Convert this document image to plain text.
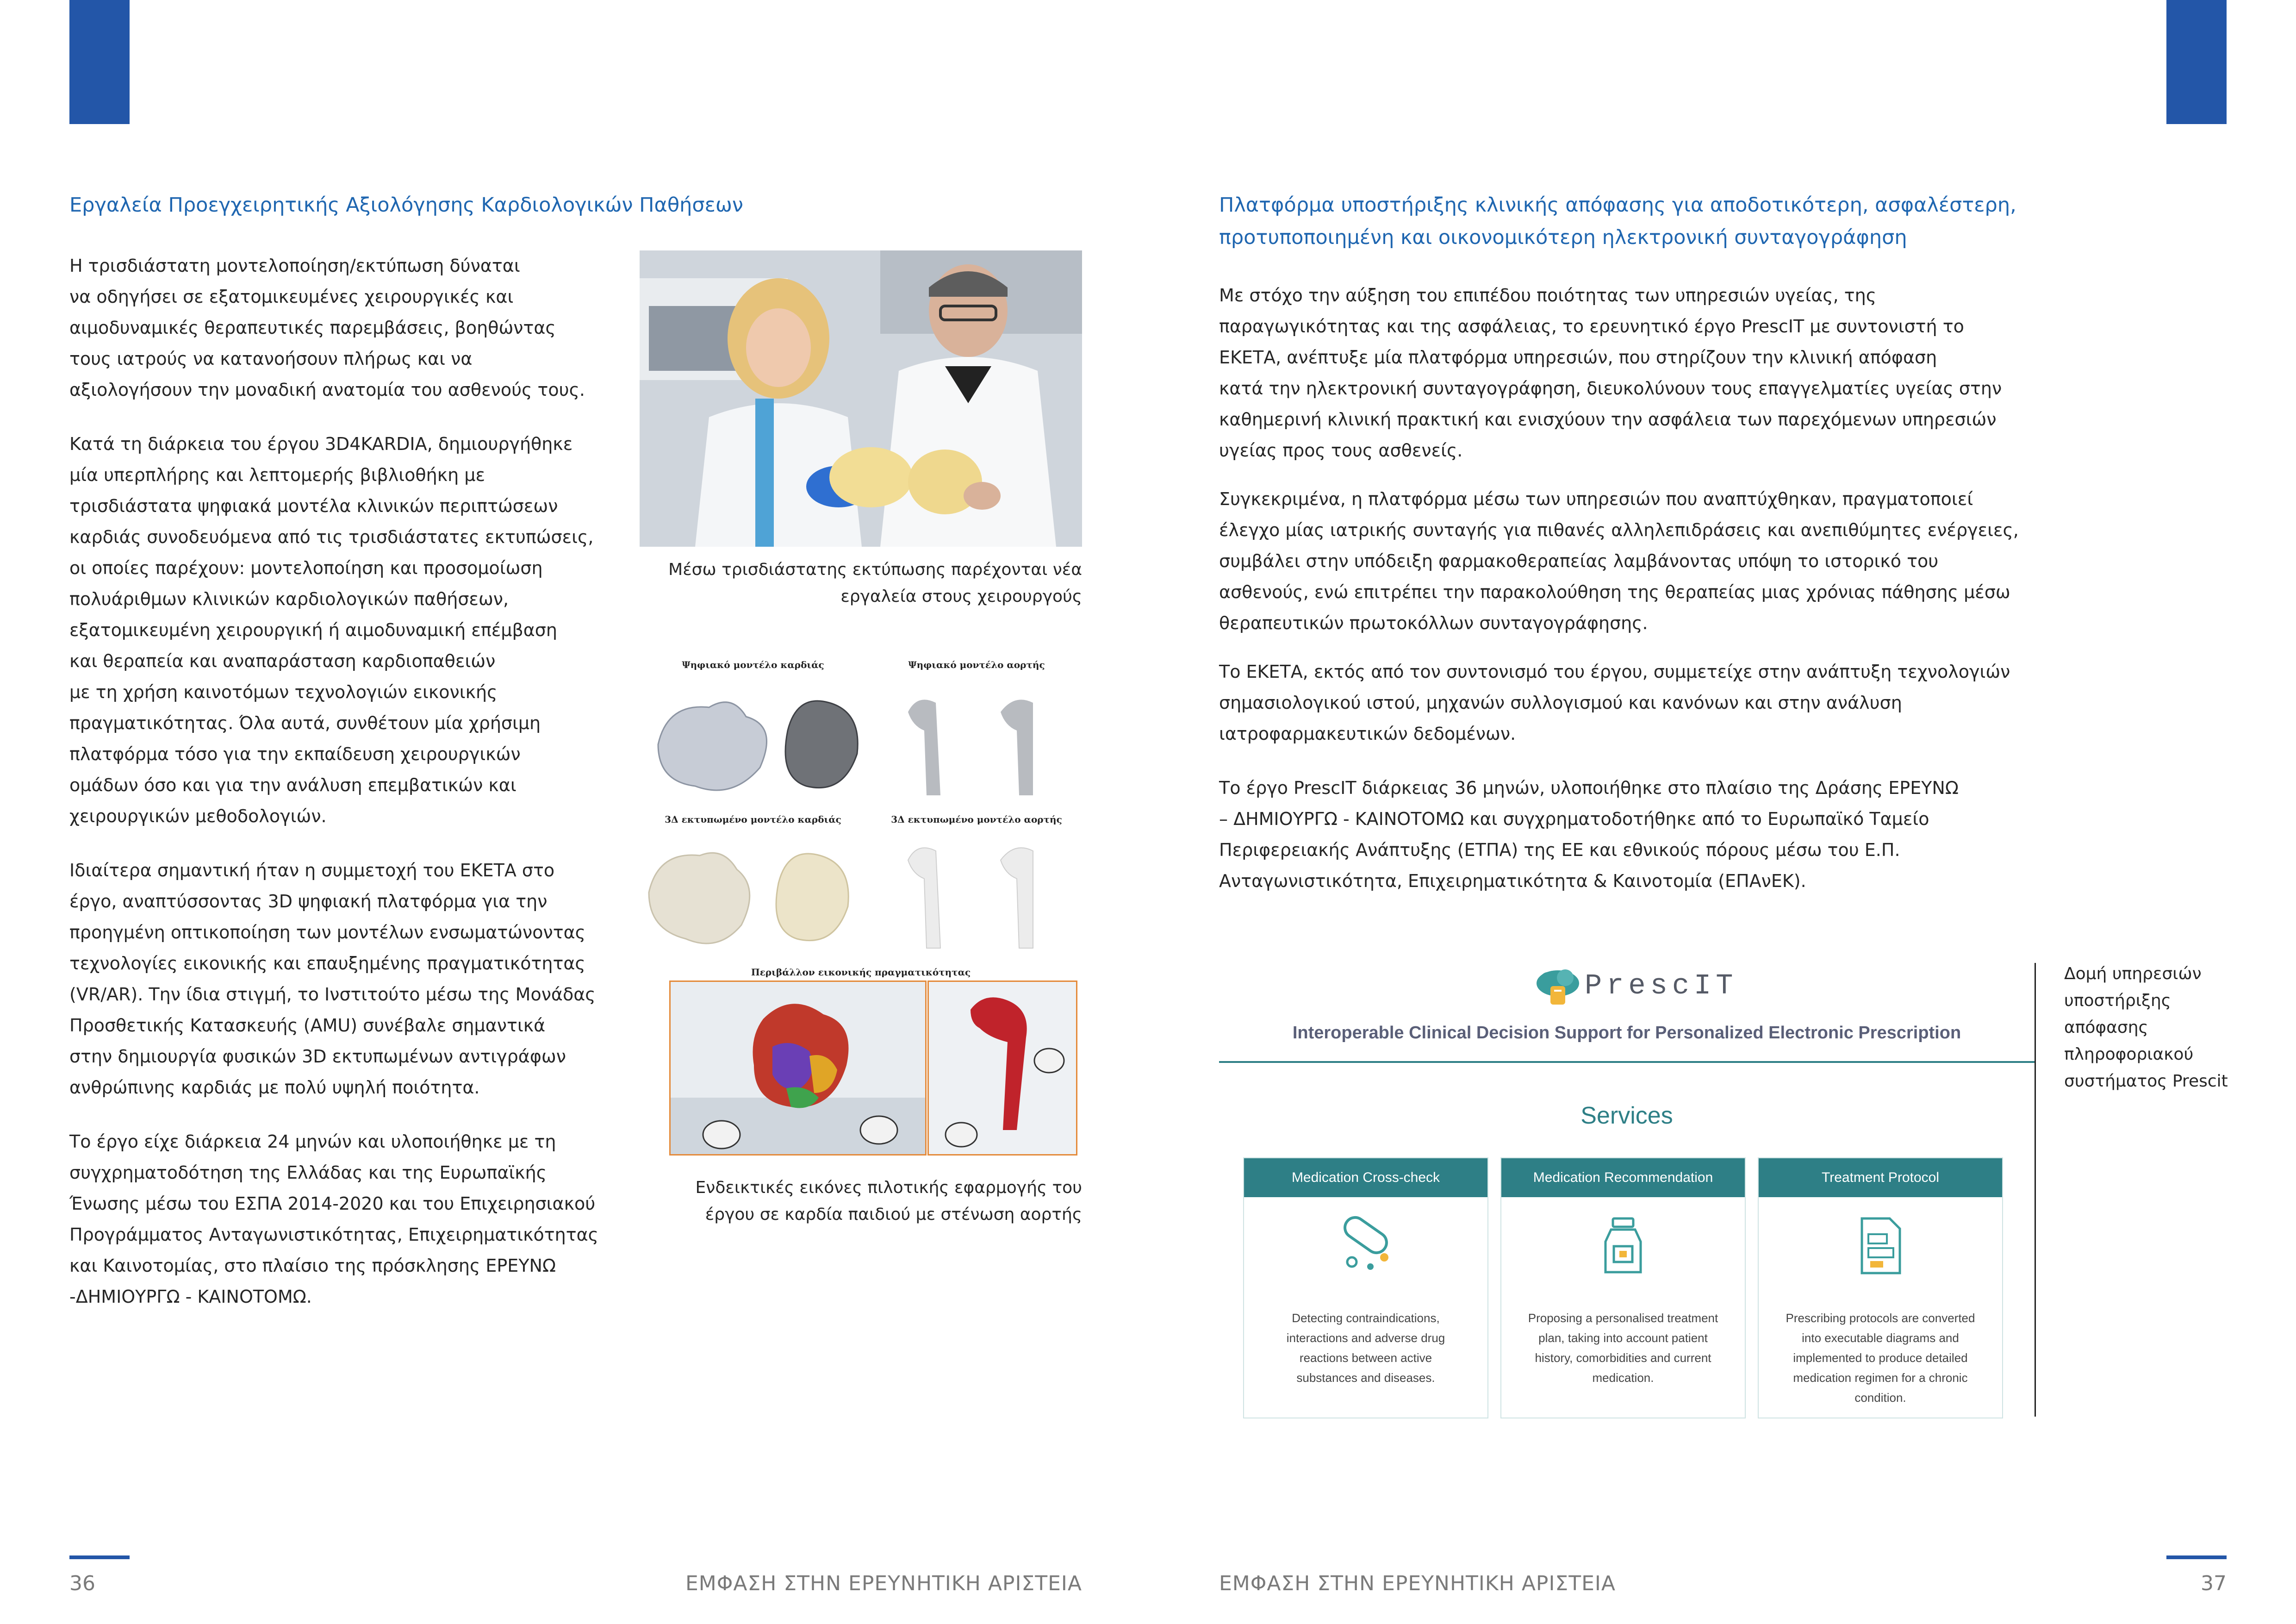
Εργαλεία Προεγχειρητικής Αξιολόγησης Καρδιολογικών Παθήσεων

Η τρισδιάστατη μοντελοποίηση/εκτύπωση δύναται

να οδηγήσει σε εξατομικευμένες χειρουργικές και

αιμοδυναμικές θεραπευτικές παρεμβάσεις, βοηθώντας

τους ιατρούς να κατανοήσουν πλήρως και να

αξιολογήσουν την μοναδική ανατομία του ασθενούς τους.

Κατά τη διάρκεια του έργου 3D4KARDIA, δημιουργήθηκε

μία υπερπλήρης και λεπτομερής βιβλιοθήκη με

τρισδιάστατα ψηφιακά μοντέλα κλινικών περιπτώσεων

καρδιάς συνοδευόμενα από τις τρισδιάστατες εκτυπώσεις,

οι οποίες παρέχουν: μοντελοποίηση και προσομοίωση

πολυάριθμων κλινικών καρδιολογικών παθήσεων,

εξατομικευμένη χειρουργική ή αιμοδυναμική επέμβαση

και θεραπεία και αναπαράσταση καρδιοπαθειών

με τη χρήση καινοτόμων τεχνολογιών εικονικής

πραγματικότητας. Όλα αυτά, συνθέτουν μία χρήσιμη

πλατφόρμα τόσο για την εκπαίδευση χειρουργικών

ομάδων όσο και για την ανάλυση επεμβατικών και

χειρουργικών μεθοδολογιών.

Ιδιαίτερα σημαντική ήταν η συμμετοχή του ΕΚΕΤΑ στο

έργο, αναπτύσσοντας 3D ψηφιακή πλατφόρμα για την

προηγμένη οπτικοποίηση των μοντέλων ενσωματώνοντας

τεχνολογίες εικονικής και επαυξημένης πραγματικότητας

(VR/AR). Την ίδια στιγμή, το Ινστιτούτο μέσω της Μονάδας

Προσθετικής Κατασκευής (AMU) συνέβαλε σημαντικά

στην δημιουργία φυσικών 3D εκτυπωμένων αντιγράφων

ανθρώπινης καρδιάς με πολύ υψηλή ποιότητα.

Το έργο είχε διάρκεια 24 μηνών και υλοποιήθηκε με τη

συγχρηματοδότηση της Ελλάδας και της Ευρωπαϊκής

Ένωσης μέσω του ΕΣΠΑ 2014-2020 και του Επιχειρησιακού

Προγράμματος Ανταγωνιστικότητας, Επιχειρηματικότητας

και Καινοτομίας, στο πλαίσιο της πρόσκλησης ΕΡΕΥΝΩ

-ΔΗΜΙΟΥΡΓΩ - ΚΑΙΝΟΤΟΜΩ.

Μέσω τρισδιάστατης εκτύπωσης παρέχονται νέα
εργαλεία στους χειρουργούς
Ψηφιακό μοντέλο καρδιάς	Ψηφιακό μοντέλο αορτής
3Δ εκτυπωμένο μοντέλο καρδιάς	3Δ εκτυπωμένο μοντέλο αορτής
Περιβάλλον εικονικής πραγματικότητας
Ενδεικτικές εικόνες πιλοτικής εφαρμογής του
έργου σε καρδία παιδιού με στένωση αορτής
36	ΕΜΦΑΣΗ ΣΤΗΝ ΕΡΕΥΝΗΤΙΚΗ ΑΡΙΣΤΕΙΑ
Πλατφόρμα υποστήριξης κλινικής απόφασης για αποδοτικότερη, ασφαλέστερη,
προτυποποιημένη και οικονομικότερη ηλεκτρονική συνταγογράφηση

Με στόχο την αύξηση του επιπέδου ποιότητας των υπηρεσιών υγείας, της

παραγωγικότητας και της ασφάλειας, το ερευνητικό έργο PrescIT με συντονιστή το

ΕΚΕΤΑ, ανέπτυξε μία πλατφόρμα υπηρεσιών, που στηρίζουν την κλινική απόφαση

κατά την ηλεκτρονική συνταγογράφηση, διευκολύνουν τους επαγγελματίες υγείας στην

καθημερινή κλινική πρακτική και ενισχύουν την ασφάλεια των παρεχόμενων υπηρεσιών

υγείας προς τους ασθενείς.

Συγκεκριμένα, η πλατφόρμα μέσω των υπηρεσιών που αναπτύχθηκαν, πραγματοποιεί

έλεγχο μίας ιατρικής συνταγής για πιθανές αλληλεπιδράσεις και ανεπιθύμητες ενέργειες,

συμβάλει στην υπόδειξη φαρμακοθεραπείας λαμβάνοντας υπόψη το ιστορικό του

ασθενούς, ενώ επιτρέπει την παρακολούθηση της θεραπείας μιας χρόνιας πάθησης μέσω

θεραπευτικών πρωτοκόλλων συνταγογράφησης.

Το ΕΚΕΤΑ, εκτός από τον συντονισμό του έργου, συμμετείχε στην ανάπτυξη τεχνολογιών

σημασιολογικού ιστού, μηχανών συλλογισμού και κανόνων και στην ανάλυση

ιατροφαρμακευτικών δεδομένων.

Το έργο PrescIT διάρκειας 36 μηνών, υλοποιήθηκε στο πλαίσιο της Δράσης ΕΡΕΥΝΩ

– ΔΗΜΙΟΥΡΓΩ - ΚΑΙΝΟΤΟΜΩ και συγχρηματοδοτήθηκε από το Ευρωπαϊκό Ταμείο

Περιφερειακής Ανάπτυξης (ΕΤΠΑ) της ΕΕ και εθνικούς πόρους μέσω του Ε.Π.

Ανταγωνιστικότητα, Επιχειρηματικότητα & Καινοτομία (ΕΠΑνΕΚ).

PrescIT
Interoperable Clinical Decision Support for Personalized Electronic Prescription
Services
Medication Cross-check
Detecting contraindications,
interactions and adverse drug
reactions between active
substances and diseases.
Medication Recommendation
Proposing a personalised treatment
plan, taking into account patient
history, comorbidities and current
medication.
Treatment Protocol
Prescribing protocols are converted
into executable diagrams and
implemented to produce detailed
medication regimen for a chronic
condition.
Δομή υπηρεσιών
υποστήριξης
απόφασης
πληροφοριακού
συστήματος Prescit
ΕΜΦΑΣΗ ΣΤΗΝ ΕΡΕΥΝΗΤΙΚΗ ΑΡΙΣΤΕΙΑ	37
